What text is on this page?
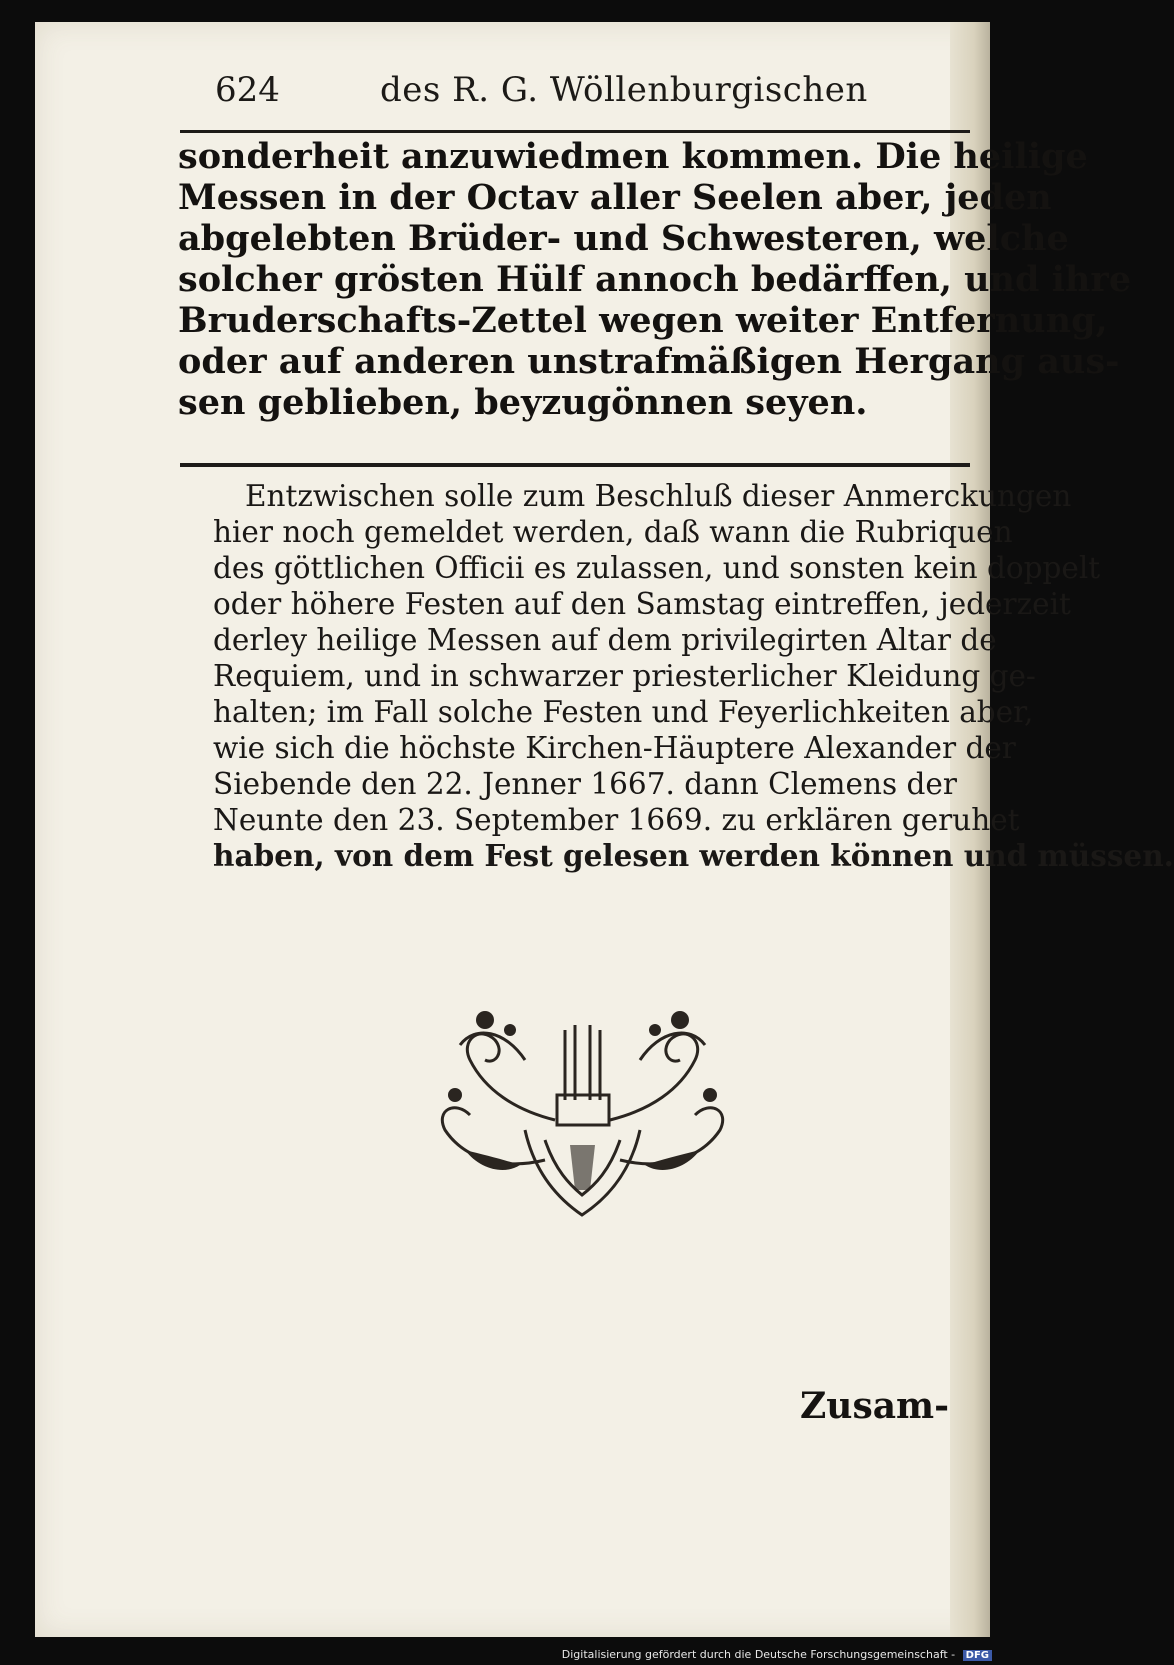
624	des R. G. Wöllenburgischen
sonderheit anzuwiedmen kommen. Die heilige
Messen in der Octav aller Seelen aber, jeden
abgelebten Brüder- und Schwesteren, welche
solcher grösten Hülf annoch bedärffen, und ihre
Bruderschafts-Zettel wegen weiter Entfernung,
oder auf anderen unstrafmäßigen Hergang aus-
sen geblieben, beyzugönnen seyen.
Entzwischen solle zum Beschluß dieser Anmerckungen
hier noch gemeldet werden, daß wann die Rubriquen
des göttlichen Officii es zulassen, und sonsten kein doppelt
oder höhere Festen auf den Samstag eintreffen, jederzeit
derley heilige Messen auf dem privilegirten Altar de
Requiem, und in schwarzer priesterlicher Kleidung ge-
halten; im Fall solche Festen und Feyerlichkeiten aber,
wie sich die höchste Kirchen-Häuptere Alexander der
Siebende den 22. Jenner 1667. dann Clemens der
Neunte den 23. September 1669. zu erklären geruhet
haben, von dem Fest gelesen werden können und müssen.
Zusam-
Digitalisierung gefördert durch die Deutsche Forschungsgemeinschaft - DFG
